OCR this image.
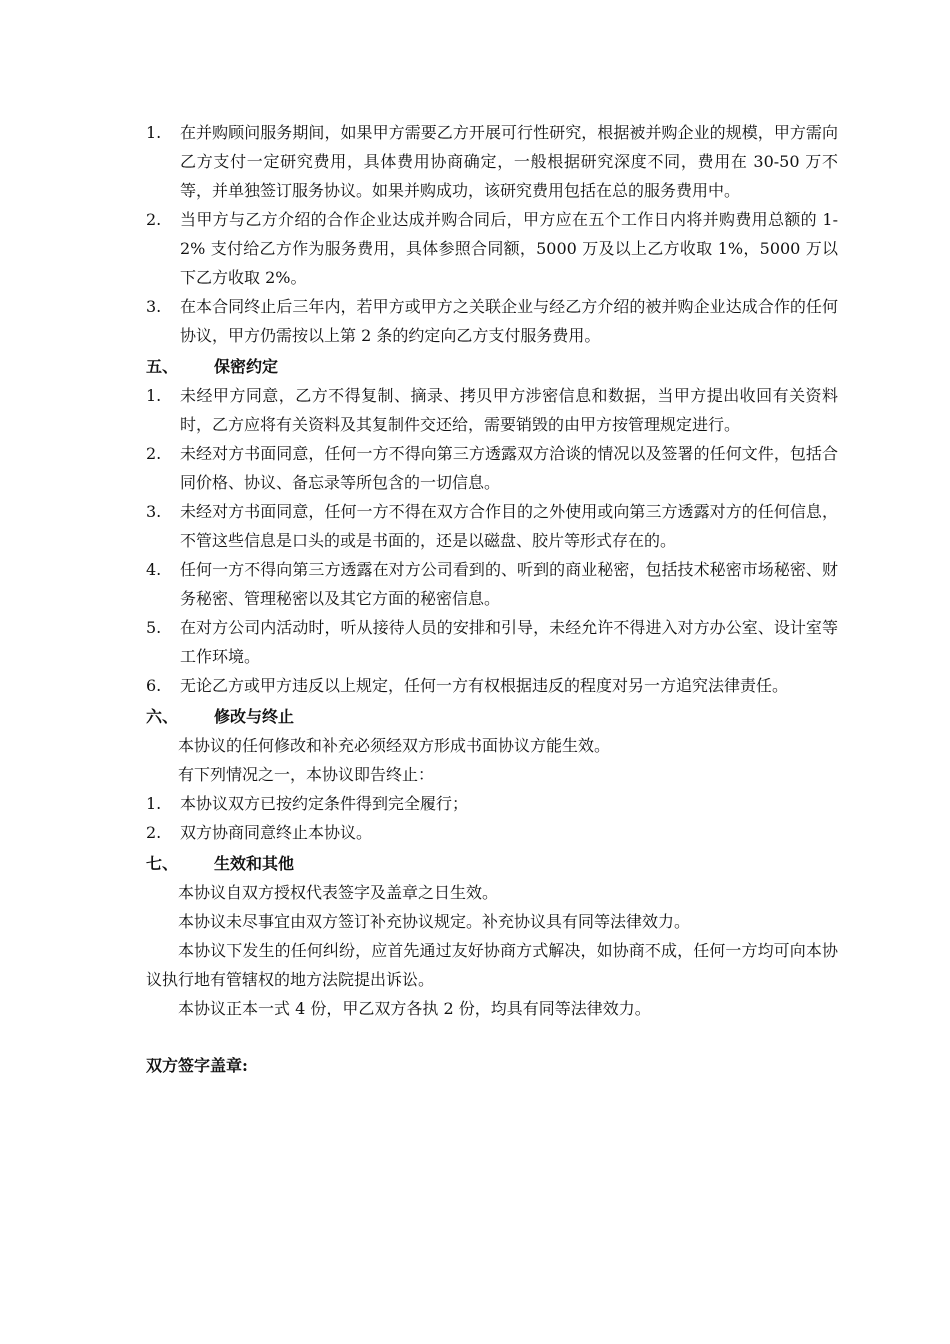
1.	在并购顾问服务期间，如果甲方需要乙方开展可行性研究，根据被并购企业的规模，甲方需向乙方支付一定研究费用，具体费用协商确定，一般根据研究深度不同，费用在 30-50 万不等，并单独签订服务协议。如果并购成功，该研究费用包括在总的服务费用中。
2.	当甲方与乙方介绍的合作企业达成并购合同后，甲方应在五个工作日内将并购费用总额的 1-2% 支付给乙方作为服务费用，具体参照合同额，5000 万及以上乙方收取 1%，5000 万以下乙方收取 2%。
3.	在本合同终止后三年内，若甲方或甲方之关联企业与经乙方介绍的被并购企业达成合作的任何协议，甲方仍需按以上第 2 条的约定向乙方支付服务费用。
五、	保密约定
1.	未经甲方同意，乙方不得复制、摘录、拷贝甲方涉密信息和数据，当甲方提出收回有关资料时，乙方应将有关资料及其复制件交还给，需要销毁的由甲方按管理规定进行。
2.	未经对方书面同意，任何一方不得向第三方透露双方洽谈的情况以及签署的任何文件，包括合同价格、协议、备忘录等所包含的一切信息。
3.	未经对方书面同意，任何一方不得在双方合作目的之外使用或向第三方透露对方的任何信息，不管这些信息是口头的或是书面的，还是以磁盘、胶片等形式存在的。
4.	任何一方不得向第三方透露在对方公司看到的、听到的商业秘密，包括技术秘密市场秘密、财务秘密、管理秘密以及其它方面的秘密信息。
5.	在对方公司内活动时，听从接待人员的安排和引导，未经允许不得进入对方办公室、设计室等工作环境。
6.	无论乙方或甲方违反以上规定，任何一方有权根据违反的程度对另一方追究法律责任。
六、	修改与终止
本协议的任何修改和补充必须经双方形成书面协议方能生效。
有下列情况之一，本协议即告终止：
1.	本协议双方已按约定条件得到完全履行；
2.	双方协商同意终止本协议。
七、	生效和其他
本协议自双方授权代表签字及盖章之日生效。
本协议未尽事宜由双方签订补充协议规定。补充协议具有同等法律效力。
本协议下发生的任何纠纷，应首先通过友好协商方式解决，如协商不成，任何一方均可向本协议执行地有管辖权的地方法院提出诉讼。
本协议正本一式 4 份，甲乙双方各执 2 份，均具有同等法律效力。
双方签字盖章:
